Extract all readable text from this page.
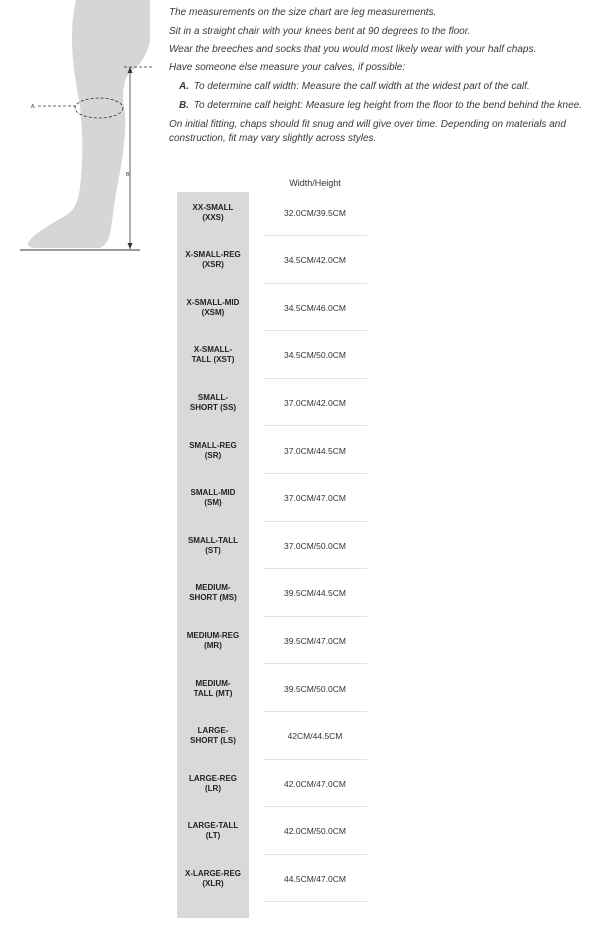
A.
B.

The measurements on the size chart are leg measurements.

Sit in a straight chair with your knees bent at 90 degrees to the floor.

Wear the breeches and socks that you would most likely wear with your half chaps.

Have someone else measure your calves, if possible:

A. To determine calf width: Measure the calf width at the widest part of the calf.

B. To determine calf height: Measure leg height from the floor to the bend behind the knee.

On initial fitting, chaps should fit snug and will give over time. Depending on materials and construction, fit may vary slightly across styles.

Width/Height
XX-SMALL
(XXS)	32.0CM/39.5CM
X-SMALL-REG
(XSR)	34.5CM/42.0CM
X-SMALL-MID
(XSM)	34.5CM/46.0CM
X-SMALL-
TALL (XST)	34.5CM/50.0CM
SMALL-
SHORT (SS)	37.0CM/42.0CM
SMALL-REG
(SR)	37.0CM/44.5CM
SMALL-MID
(SM)	37.0CM/47.0CM
SMALL-TALL
(ST)	37.0CM/50.0CM
MEDIUM-
SHORT (MS)	39.5CM/44.5CM
MEDIUM-REG
(MR)	39.5CM/47.0CM
MEDIUM-
TALL (MT)	39.5CM/50.0CM
LARGE-
SHORT (LS)	42CM/44.5CM
LARGE-REG
(LR)	42.0CM/47.0CM
LARGE-TALL
(LT)	42.0CM/50.0CM
X-LARGE-REG
(XLR)	44.5CM/47.0CM
